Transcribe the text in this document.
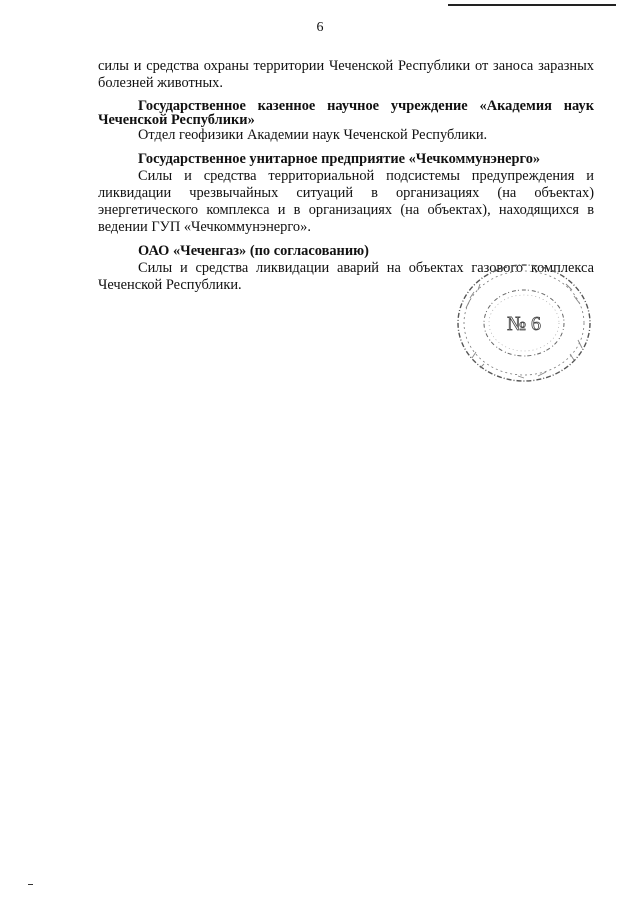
6

силы и средства охраны территории Чеченской Республики от заноса заразных болезней животных.

Государственное казенное научное учреждение «Академия наук Чеченской Республики»

Отдел геофизики Академии наук Чеченской Республики.

Государственное унитарное предприятие «Чечкоммунэнерго»

Силы и средства территориальной подсистемы предупреждения и ликвидации чрезвычайных ситуаций в организациях (на объектах) энергетического комплекса и в организациях (на объектах), находящихся в ведении ГУП «Чечкоммунэнерго».

ОАО «Чеченгаз» (по согласованию)

Силы и средства ликвидации аварий на объектах газового комплекса Чеченской Республики.

№ 6
